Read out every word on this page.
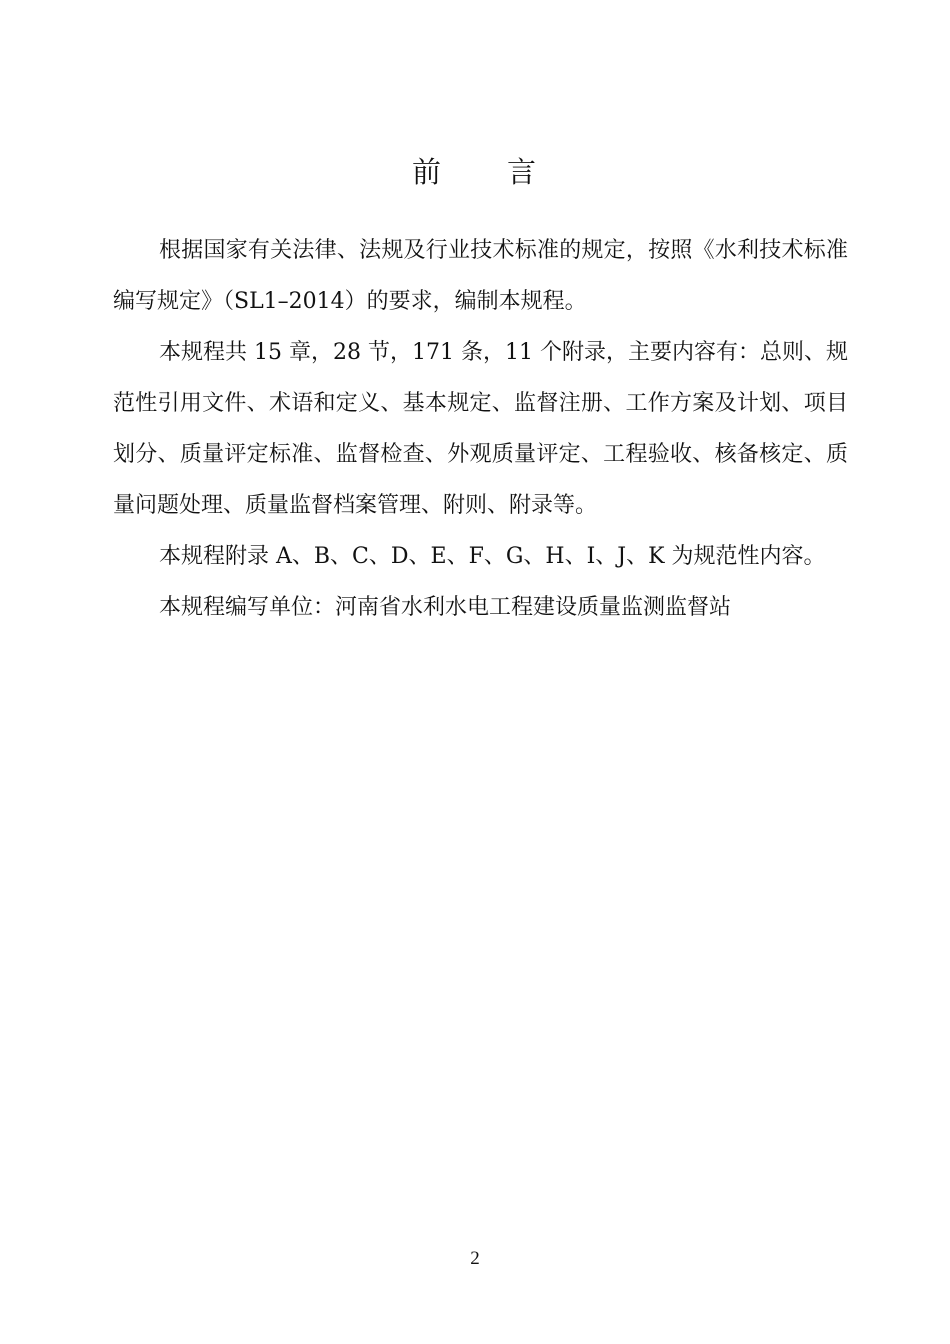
前 言

根据国家有关法律、法规及行业技术标准的规定，按照《水利技术标准编写规定》（SL1–2014）的要求，编制本规程。

本规程共 15 章，28 节，171 条，11 个附录，主要内容有：总则、规范性引用文件、术语和定义、基本规定、监督注册、工作方案及计划、项目划分、质量评定标准、监督检查、外观质量评定、工程验收、核备核定、质量问题处理、质量监督档案管理、附则、附录等。

本规程附录 A、B、C、D、E、F、G、H、I、J、K 为规范性内容。

本规程编写单位：河南省水利水电工程建设质量监测监督站

2
